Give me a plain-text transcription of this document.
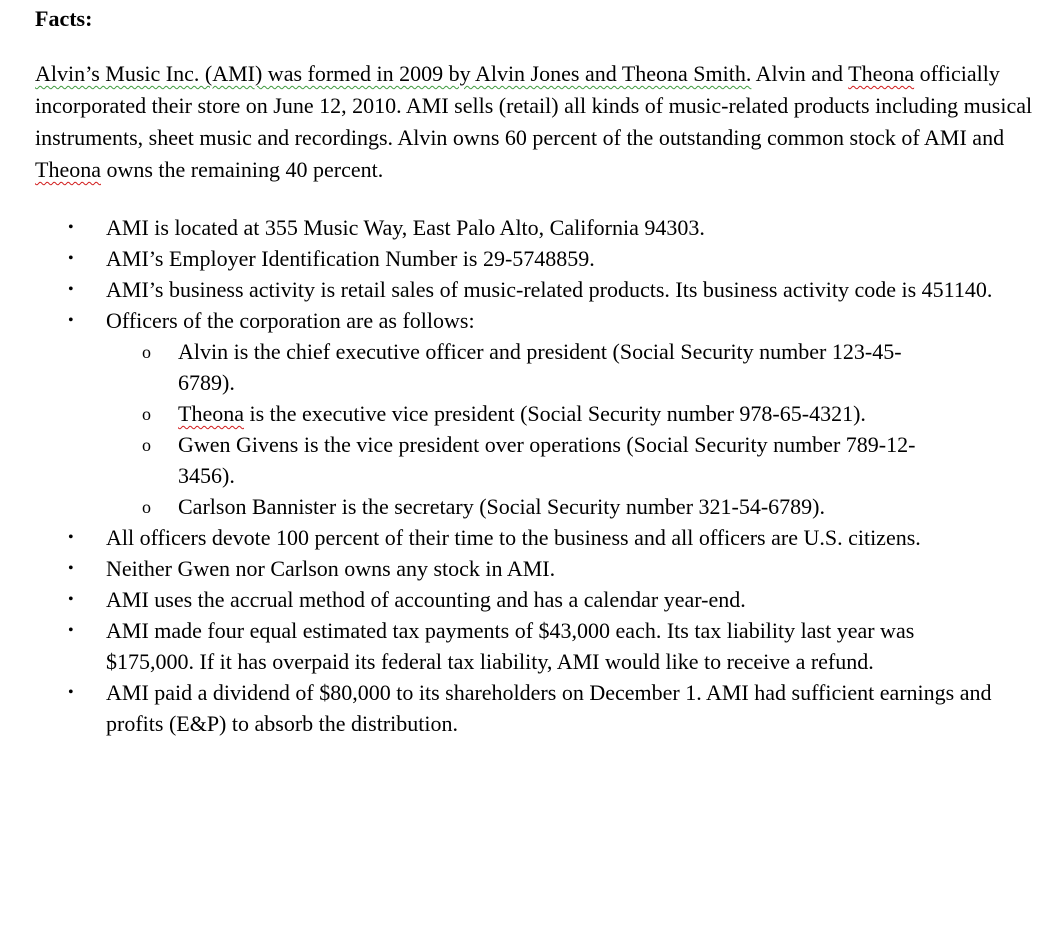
Facts:

Alvin’s Music Inc. (AMI) was formed in 2009 by Alvin Jones and Theona Smith. Alvin and Theona officially incorporated their store on June 12, 2010. AMI sells (retail) all kinds of music-related products including musical instruments, sheet music and recordings. Alvin owns 60 percent of the outstanding common stock of AMI and Theona owns the remaining 40 percent.

• AMI is located at 355 Music Way, East Palo Alto, California 94303.
• AMI’s Employer Identification Number is 29-5748859.
• AMI’s business activity is retail sales of music-related products. Its business activity code is 451140.
• Officers of the corporation are as follows:
o Alvin is the chief executive officer and president (Social Security number 123-45-6789).
o Theona is the executive vice president (Social Security number 978-65-4321).
o Gwen Givens is the vice president over operations (Social Security number 789-12-3456).
o Carlson Bannister is the secretary (Social Security number 321-54-6789).
• All officers devote 100 percent of their time to the business and all officers are U.S. citizens.
• Neither Gwen nor Carlson owns any stock in AMI.
• AMI uses the accrual method of accounting and has a calendar year-end.
• AMI made four equal estimated tax payments of $43,000 each. Its tax liability last year was $175,000. If it has overpaid its federal tax liability, AMI would like to receive a refund.
• AMI paid a dividend of $80,000 to its shareholders on December 1. AMI had sufficient earnings and profits (E&P) to absorb the distribution.
